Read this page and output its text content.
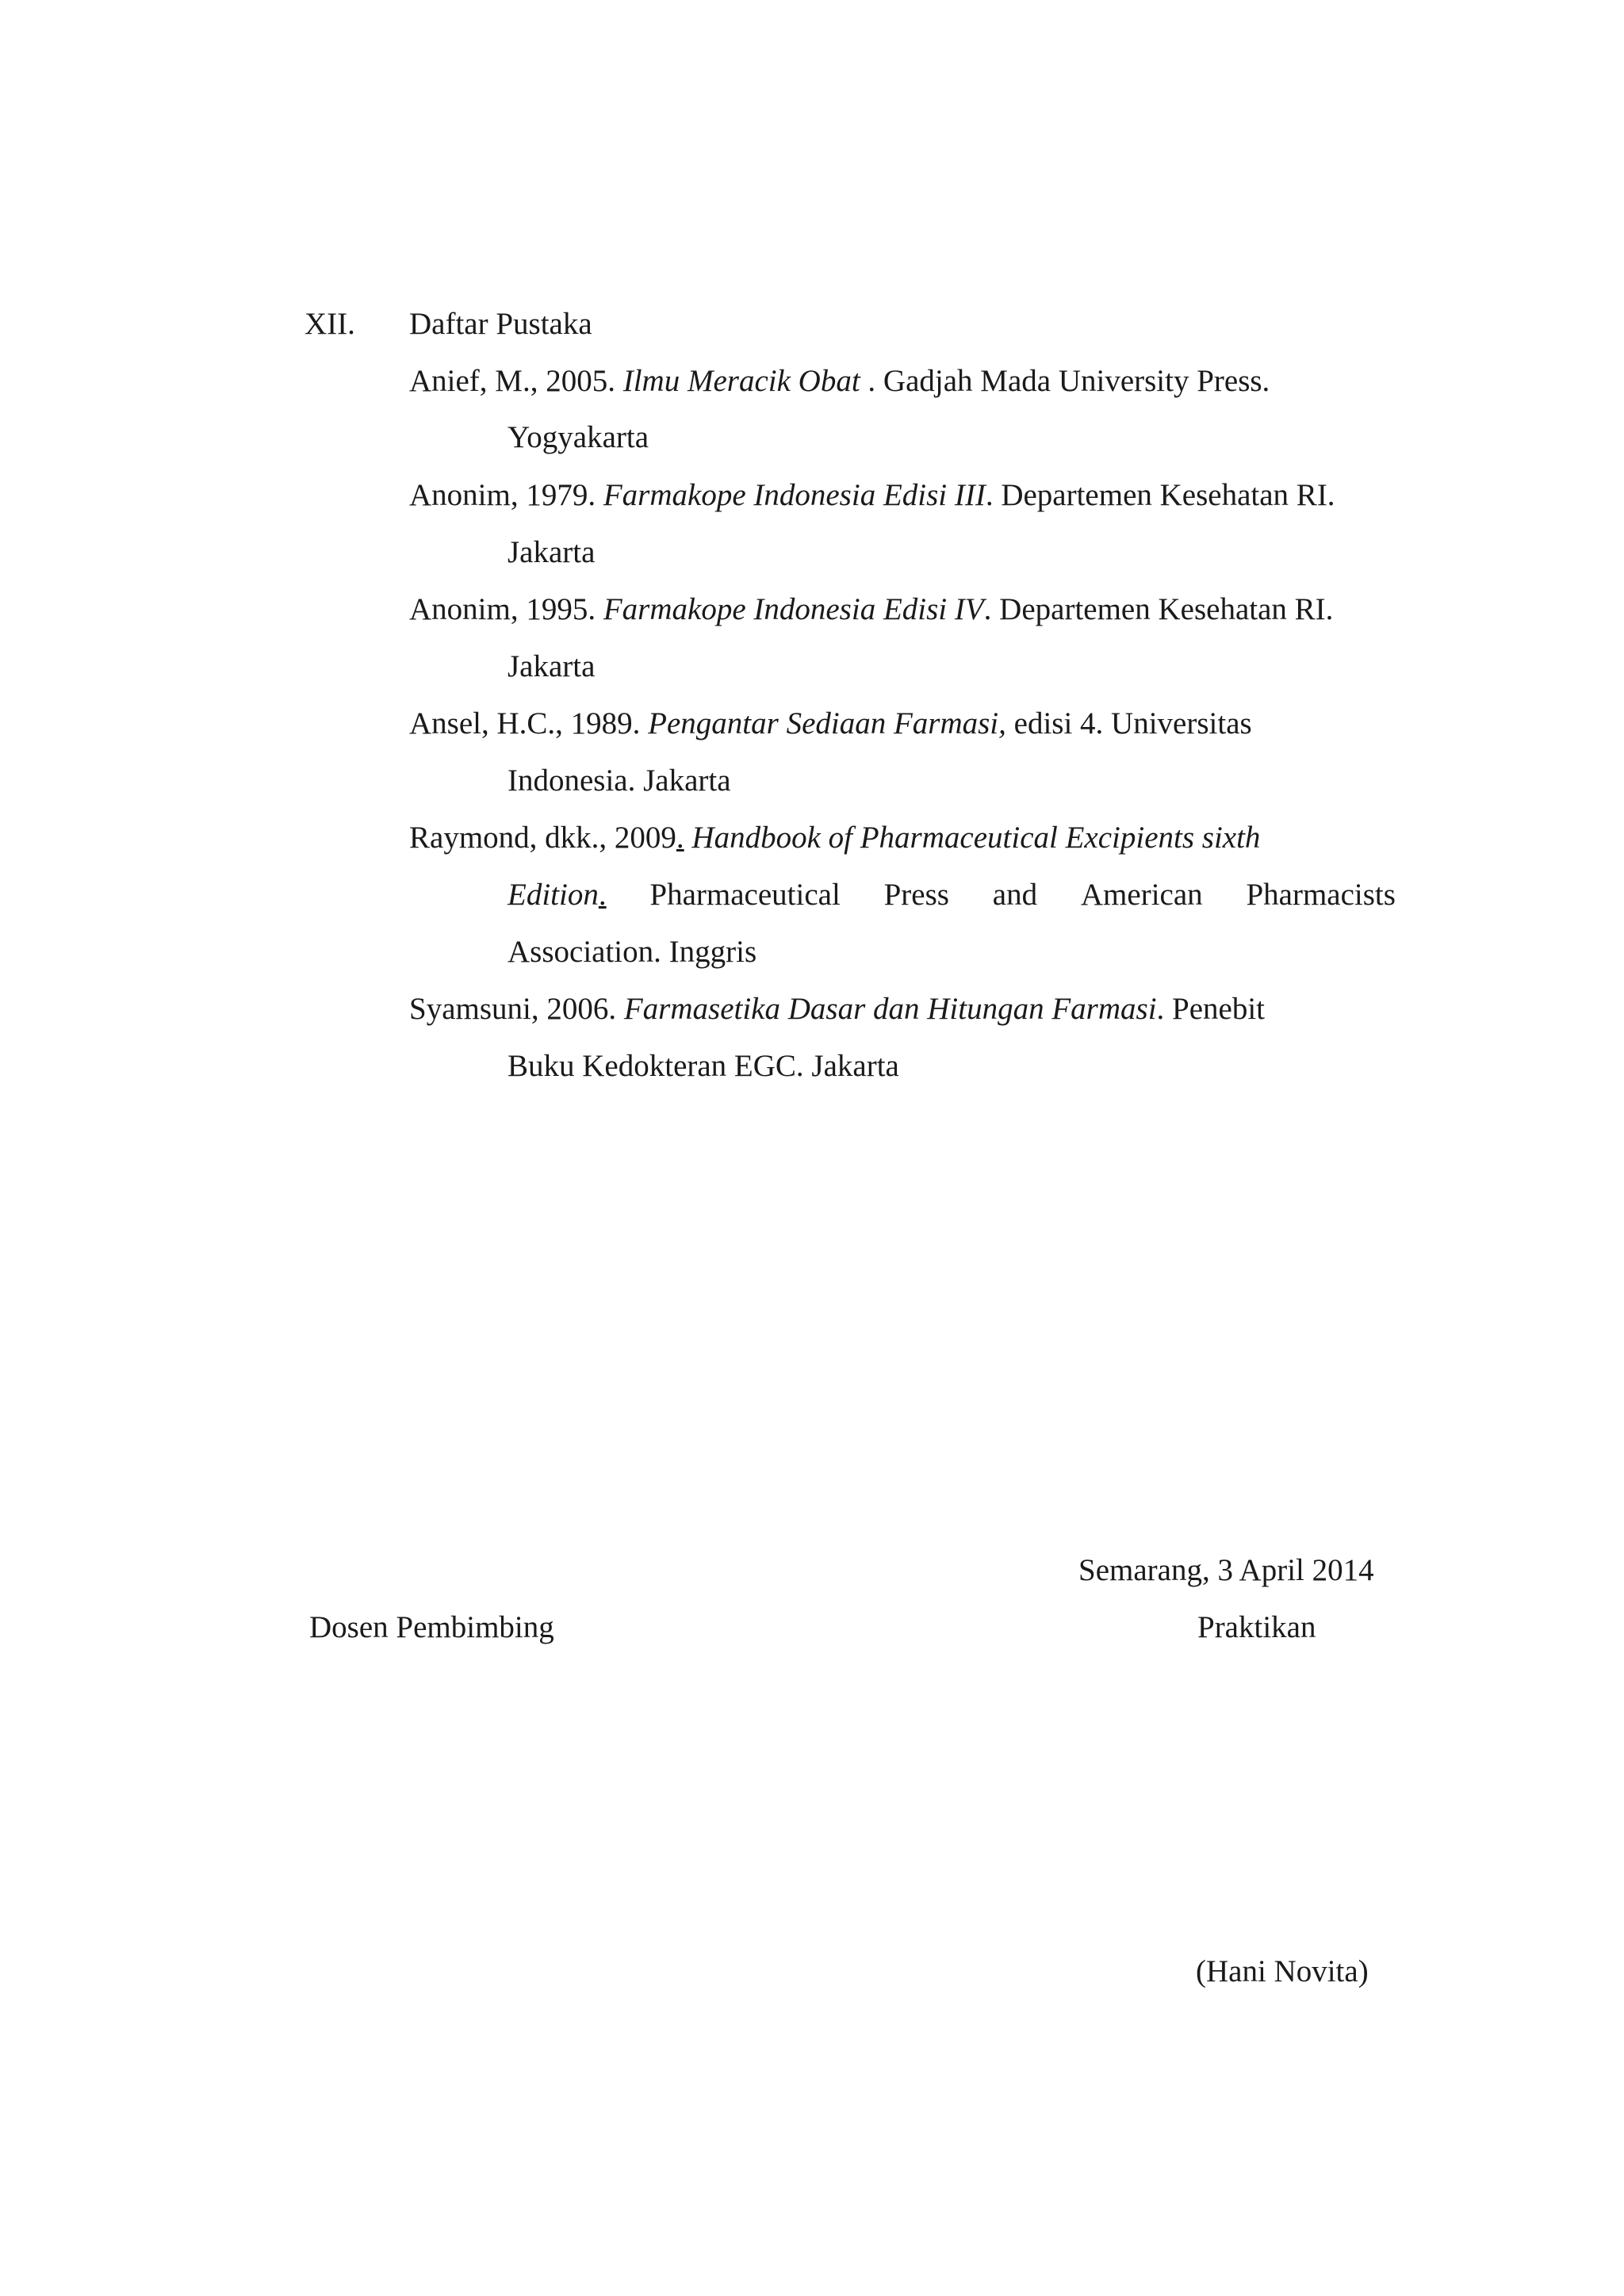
XII. Daftar Pustaka
Anief, M., 2005. Ilmu Meracik Obat . Gadjah Mada University Press.
Yogyakarta
Anonim, 1979. Farmakope Indonesia Edisi III. Departemen Kesehatan RI.
Jakarta
Anonim, 1995. Farmakope Indonesia Edisi IV. Departemen Kesehatan RI.
Jakarta
Ansel, H.C., 1989. Pengantar Sediaan Farmasi, edisi 4. Universitas
Indonesia. Jakarta
Raymond, dkk., 2009. Handbook of Pharmaceutical Excipients sixth
Edition. Pharmaceutical Press and American Pharmacists
Association. Inggris
Syamsuni, 2006. Farmasetika Dasar dan Hitungan Farmasi. Penebit
Buku Kedokteran EGC. Jakarta
Semarang, 3 April 2014
Dosen Pembimbing	Praktikan
(Hani Novita)
